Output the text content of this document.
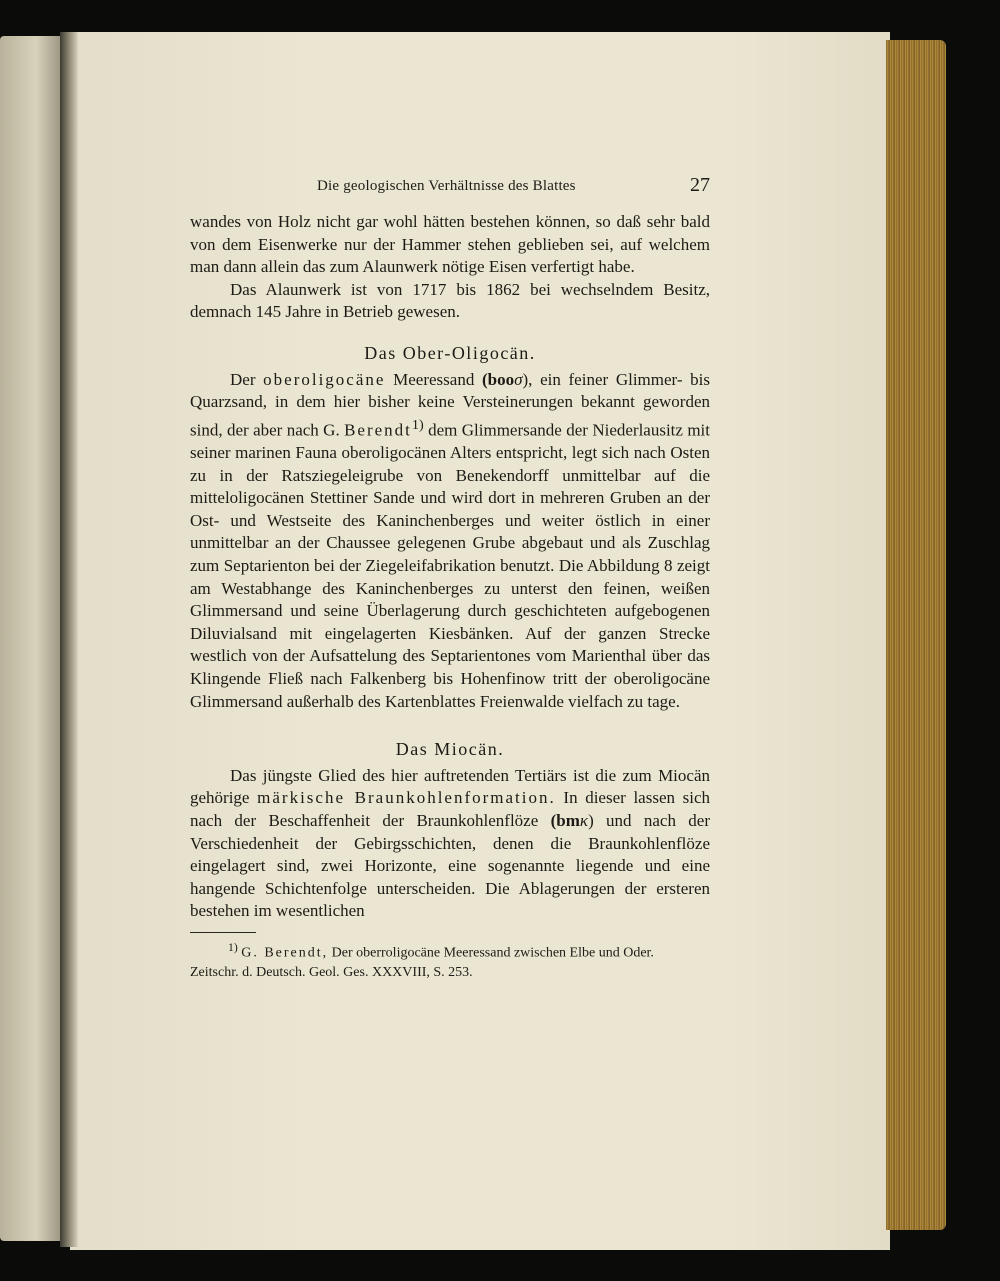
Die geologischen Verhältnisse des Blattes	27

wandes von Holz nicht gar wohl hätten bestehen können, so daß sehr bald von dem Eisenwerke nur der Hammer stehen geblieben sei, auf welchem man dann allein das zum Alaunwerk nötige Eisen verfertigt habe.

Das Alaunwerk ist von 1717 bis 1862 bei wechselndem Besitz, demnach 145 Jahre in Betrieb gewesen.

Das Ober-Oligocän.

Der oberoligocäne Meeressand (booσ), ein feiner Glimmer- bis Quarzsand, in dem hier bisher keine Versteinerungen bekannt geworden sind, der aber nach G. Berendt$^{1)}$ dem Glimmersande der Niederlausitz mit seiner marinen Fauna oberoligocänen Alters entspricht, legt sich nach Osten zu in der Ratsziegeleigrube von Benekendorff unmittelbar auf die mitteloligocänen Stettiner Sande und wird dort in mehreren Gruben an der Ost- und Westseite des Kaninchenberges und weiter östlich in einer unmittelbar an der Chaussee gelegenen Grube abgebaut und als Zuschlag zum Septarienton bei der Ziegeleifabrikation benutzt. Die Abbildung 8 zeigt am Westabhange des Kaninchenberges zu unterst den feinen, weißen Glimmersand und seine Überlagerung durch geschichteten aufgebogenen Diluvialsand mit eingelagerten Kiesbänken. Auf der ganzen Strecke westlich von der Aufsattelung des Septarientones vom Marienthal über das Klingende Fließ nach Falkenberg bis Hohenfinow tritt der oberoligocäne Glimmersand außerhalb des Kartenblattes Freienwalde vielfach zu tage.

Das Miocän.

Das jüngste Glied des hier auftretenden Tertiärs ist die zum Miocän gehörige märkische Braunkohlenformation. In dieser lassen sich nach der Beschaffenheit der Braunkohlenflöze (bmκ) und nach der Verschiedenheit der Gebirgsschichten, denen die Braunkohlenflöze eingelagert sind, zwei Horizonte, eine sogenannte liegende und eine hangende Schichtenfolge unterscheiden. Die Ablagerungen der ersteren bestehen im wesentlichen

$^{1)}$ G. Berendt, Der oberroligocäne Meeressand zwischen Elbe und Oder.

Zeitschr. d. Deutsch. Geol. Ges. XXXVIII, S. 253.
